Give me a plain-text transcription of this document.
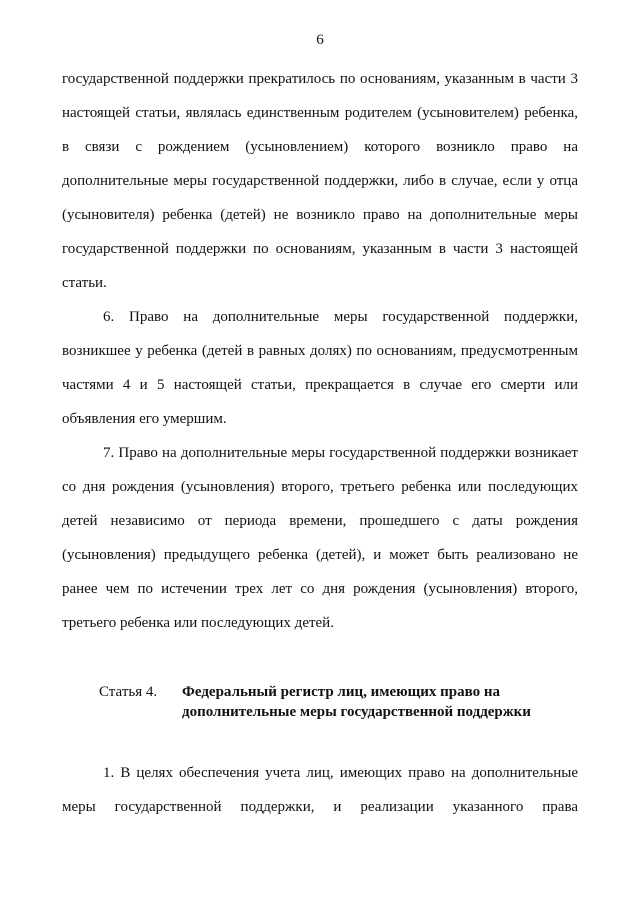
6

государственной поддержки прекратилось по основаниям, указанным в части 3 настоящей статьи, являлась единственным родителем (усыновителем) ребенка, в связи с рождением (усыновлением) которого возникло право на дополнительные меры государственной поддержки, либо в случае, если у отца (усыновителя) ребенка (детей) не возникло право на дополнительные меры государственной поддержки по основаниям, указанным в части 3 настоящей статьи.

6. Право на дополнительные меры государственной поддержки, возникшее у ребенка (детей в равных долях) по основаниям, предусмотренным частями 4 и 5 настоящей статьи, прекращается в случае его смерти или объявления его умершим.

7. Право на дополнительные меры государственной поддержки возникает со дня рождения (усыновления) второго, третьего ребенка или последующих детей независимо от периода времени, прошедшего с даты рождения (усыновления) предыдущего ребенка (детей), и может быть реализовано не ранее чем по истечении трех лет со дня рождения (усыновления) второго, третьего ребенка или последующих детей.

Статья 4.	Федеральный регистр лиц, имеющих право на дополнительные меры государственной поддержки

1. В целях обеспечения учета лиц, имеющих право на дополнительные меры государственной поддержки, и реализации указанного права
